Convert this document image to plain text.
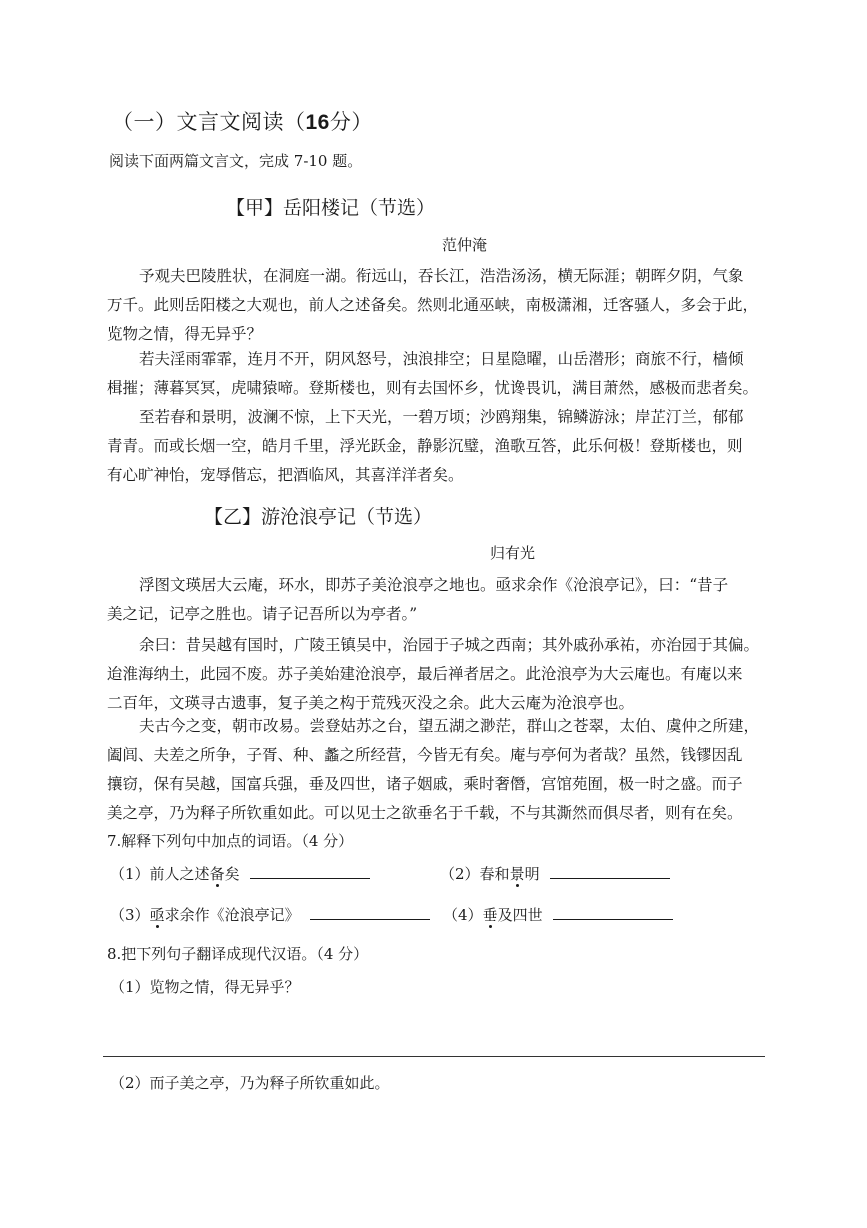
（一）文言文阅读（16分）
阅读下面两篇文言文，完成 7-10 题。
【甲】岳阳楼记（节选）
范仲淹
予观夫巴陵胜状，在洞庭一湖。衔远山，吞长江，浩浩汤汤，横无际涯；朝晖夕阴，气象
万千。此则岳阳楼之大观也，前人之述备矣。然则北通巫峡，南极潇湘，迁客骚人，多会于此，
览物之情，得无异乎？
若夫淫雨霏霏，连月不开，阴风怒号，浊浪排空；日星隐曜，山岳潜形；商旅不行，樯倾
楫摧；薄暮冥冥，虎啸猿啼。登斯楼也，则有去国怀乡，忧谗畏讥，满目萧然，感极而悲者矣。
至若春和景明，波澜不惊，上下天光，一碧万顷；沙鸥翔集，锦鳞游泳；岸芷汀兰，郁郁
青青。而或长烟一空，皓月千里，浮光跃金，静影沉璧，渔歌互答，此乐何极！登斯楼也，则
有心旷神怡，宠辱偕忘，把酒临风，其喜洋洋者矣。
【乙】游沧浪亭记（节选）
归有光
浮图文瑛居大云庵，环水，即苏子美沧浪亭之地也。亟求余作《沧浪亭记》，曰：“昔子
美之记，记亭之胜也。请子记吾所以为亭者。”
余曰：昔吴越有国时，广陵王镇吴中，治园于子城之西南；其外戚孙承祐，亦治园于其偏。
迨淮海纳土，此园不废。苏子美始建沧浪亭，最后禅者居之。此沧浪亭为大云庵也。有庵以来
二百年，文瑛寻古遗事，复子美之构于荒残灭没之余。此大云庵为沧浪亭也。
夫古今之变，朝市改易。尝登姑苏之台，望五湖之渺茫，群山之苍翠，太伯、虞仲之所建，
阖闾、夫差之所争，子胥、种、蠡之所经营，今皆无有矣。庵与亭何为者哉？虽然，钱镠因乱
攘窃，保有吴越，国富兵强，垂及四世，诸子姻戚，乘时奢僭，宫馆苑囿，极一时之盛。而子
美之亭，乃为释子所钦重如此。可以见士之欲垂名于千载，不与其澌然而俱尽者，则有在矣。
7.解释下列句中加点的词语。（4 分）
（1）前人之述备矣	（2）春和景明
（3）亟求余作《沧浪亭记》	（4）垂及四世
8.把下列句子翻译成现代汉语。（4 分）
（1）览物之情，得无异乎？
（2）而子美之亭，乃为释子所钦重如此。
